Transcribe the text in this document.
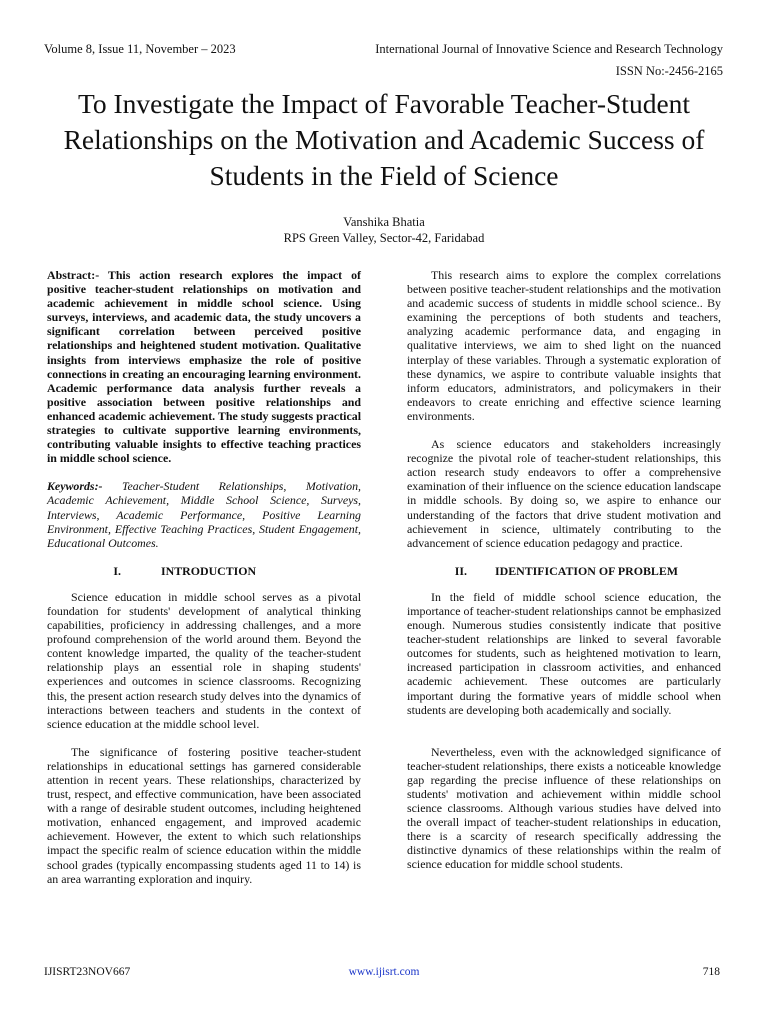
Volume 8, Issue 11, November – 2023	International Journal of Innovative Science and Research Technology
ISSN No:-2456-2165
To Investigate the Impact of Favorable Teacher-Student Relationships on the Motivation and Academic Success of Students in the Field of Science
Vanshika Bhatia
RPS Green Valley, Sector-42, Faridabad

Abstract:- This action research explores the impact of positive teacher-student relationships on motivation and academic achievement in middle school science. Using surveys, interviews, and academic data, the study uncovers a significant correlation between perceived positive relationships and heightened student motivation. Qualitative insights from interviews emphasize the role of positive connections in creating an encouraging learning environment. Academic performance data analysis further reveals a positive association between positive relationships and enhanced academic achievement. The study suggests practical strategies to cultivate supportive learning environments, contributing valuable insights to effective teaching practices in middle school science.

Keywords:- Teacher-Student Relationships, Motivation, Academic Achievement, Middle School Science, Surveys, Interviews, Academic Performance, Positive Learning Environment, Effective Teaching Practices, Student Engagement, Educational Outcomes.

I.	INTRODUCTION

Science education in middle school serves as a pivotal foundation for students' development of analytical thinking capabilities, proficiency in addressing challenges, and a more profound comprehension of the world around them. Beyond the content knowledge imparted, the quality of the teacher-student relationship plays an essential role in shaping students' experiences and outcomes in science classrooms. Recognizing this, the present action research study delves into the dynamics of interactions between teachers and students in the context of science education at the middle school level.

The significance of fostering positive teacher-student relationships in educational settings has garnered considerable attention in recent years. These relationships, characterized by trust, respect, and effective communication, have been associated with a range of desirable student outcomes, including heightened motivation, enhanced engagement, and improved academic achievement. However, the extent to which such relationships impact the specific realm of science education within the middle school grades (typically encompassing students aged 11 to 14) is an area warranting exploration and inquiry.

This research aims to explore the complex correlations between positive teacher-student relationships and the motivation and academic success of students in middle school science.. By examining the perceptions of both students and teachers, analyzing academic performance data, and engaging in qualitative interviews, we aim to shed light on the nuanced interplay of these variables. Through a systematic exploration of these dynamics, we aspire to contribute valuable insights that inform educators, administrators, and policymakers in their endeavors to create enriching and effective science learning environments.

As science educators and stakeholders increasingly recognize the pivotal role of teacher-student relationships, this action research study endeavors to offer a comprehensive examination of their influence on the science education landscape in middle schools. By doing so, we aspire to enhance our understanding of the factors that drive student motivation and achievement in science, ultimately contributing to the advancement of science education pedagogy and practice.

II.	IDENTIFICATION OF PROBLEM

In the field of middle school science education, the importance of teacher-student relationships cannot be emphasized enough. Numerous studies consistently indicate that positive teacher-student relationships are linked to several favorable outcomes for students, such as heightened motivation to learn, increased participation in classroom activities, and enhanced academic achievement. These outcomes are particularly important during the formative years of middle school when students are developing both academically and socially.

Nevertheless, even with the acknowledged significance of teacher-student relationships, there exists a noticeable knowledge gap regarding the precise influence of these relationships on students' motivation and achievement within middle school science classrooms. Although various studies have delved into the overall impact of teacher-student relationships in education, there is a scarcity of research specifically addressing the distinctive dynamics of these relationships within the realm of science education for middle school students.

IJISRT23NOV667	www.ijisrt.com	718
